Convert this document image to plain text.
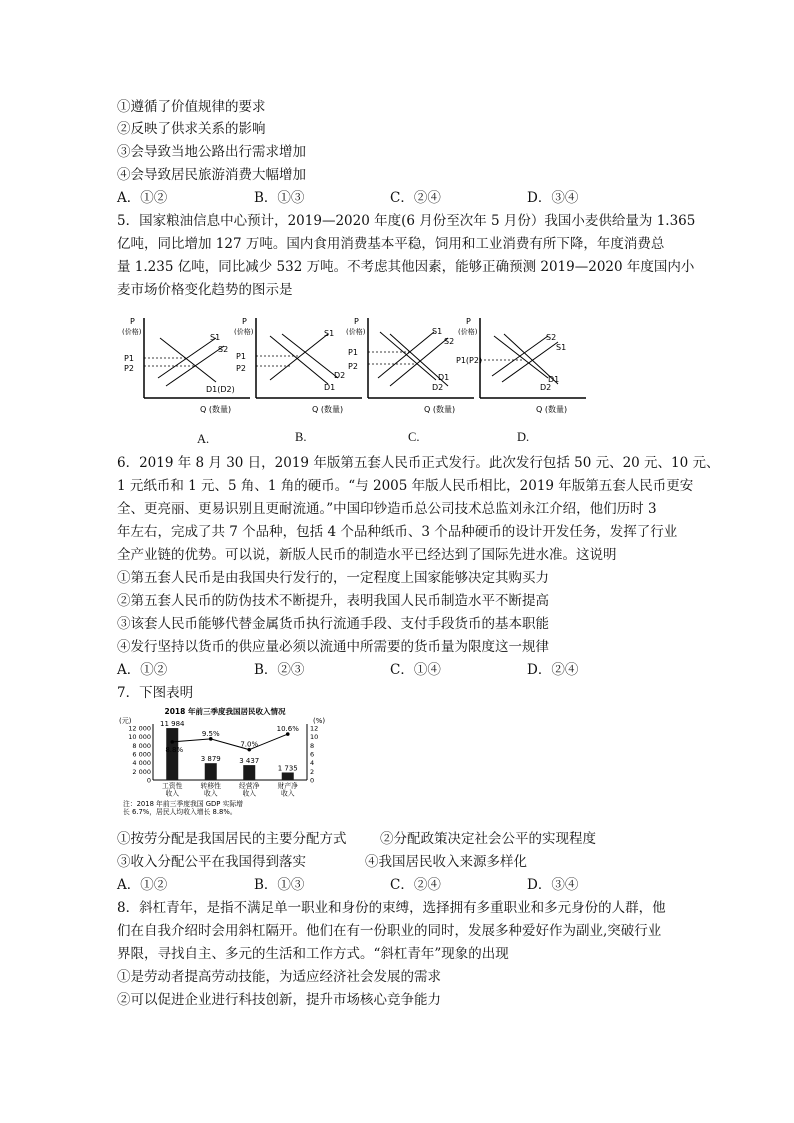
①遵循了价值规律的要求
②反映了供求关系的影响
③会导致当地公路出行需求增加
④会导致居民旅游消费大幅增加
A．①②	B．①③	C．②④	D．③④
5．国家粮油信息中心预计，2019—2020 年度(6 月份至次年 5 月份）我国小麦供给量为 1.365
亿吨，同比增加 127 万吨。国内食用消费基本平稳，饲用和工业消费有所下降，年度消费总
量 1.235 亿吨，同比减少 532 万吨。不考虑其他因素，能够正确预测 2019—2020 年度国内小
麦市场价格变化趋势的图示是
P
(价格)
P1
P2
S1
S2
D1(D2)
Q (数量)
P
(价格)
P1
P2
S1
D2
D1
Q (数量)
P
(价格)
P1
P2
S1
S2
D1
D2
Q (数量)
P
(价格)
P1(P2)
S2
S1
D1
D2
Q (数量)
A.	B.	C.	D.
6．2019 年 8 月 30 日，2019 年版第五套人民币正式发行。此次发行包括 50 元、20 元、10 元、
1 元纸币和 1 元、5 角、1 角的硬币。“与 2005 年版人民币相比，2019 年版第五套人民币更安
全、更亮丽、更易识别且更耐流通。”中国印钞造币总公司技术总监刘永江介绍，他们历时 3
年左右，完成了共 7 个品种，包括 4 个品种纸币、3 个品种硬币的设计开发任务，发挥了行业
全产业链的优势。可以说，新版人民币的制造水平已经达到了国际先进水准。这说明
①第五套人民币是由我国央行发行的，一定程度上国家能够决定其购买力
②第五套人民币的防伪技术不断提升，表明我国人民币制造水平不断提高
③该套人民币能够代替金属货币执行流通手段、支付手段货币的基本职能
④发行坚持以货币的供应量必须以流通中所需要的货币量为限度这一规律
A．①②	B．②③	C．①④	D．②④
7．下图表明
2018 年前三季度我国居民收入情况
(元)	(%)
12 000
10 000
8 000
6 000
4 000
2 000
0
12
10
8
6
4
2
0
11 984
3 879	3 437
1 735
8.8%
9.5%
7.0%
10.6%
工资性
收入
转移性
收入
经营净
收入
财产净
收入
注：2018 年前三季度我国 GDP 实际增
长 6.7%，居民人均收入增长 8.8%。
①按劳分配是我国居民的主要分配方式 ②分配政策决定社会公平的实现程度
③收入分配公平在我国得到落实	④我国居民收入来源多样化
A．①②	B．①③	C．②④	D．③④
8．斜杠青年，是指不满足单一职业和身份的束缚，选择拥有多重职业和多元身份的人群，他
们在自我介绍时会用斜杠隔开。他们在有一份职业的同时，发展多种爱好作为副业,突破行业
界限，寻找自主、多元的生活和工作方式。“斜杠青年”现象的出现
①是劳动者提高劳动技能，为适应经济社会发展的需求
②可以促进企业进行科技创新，提升市场核心竞争能力
